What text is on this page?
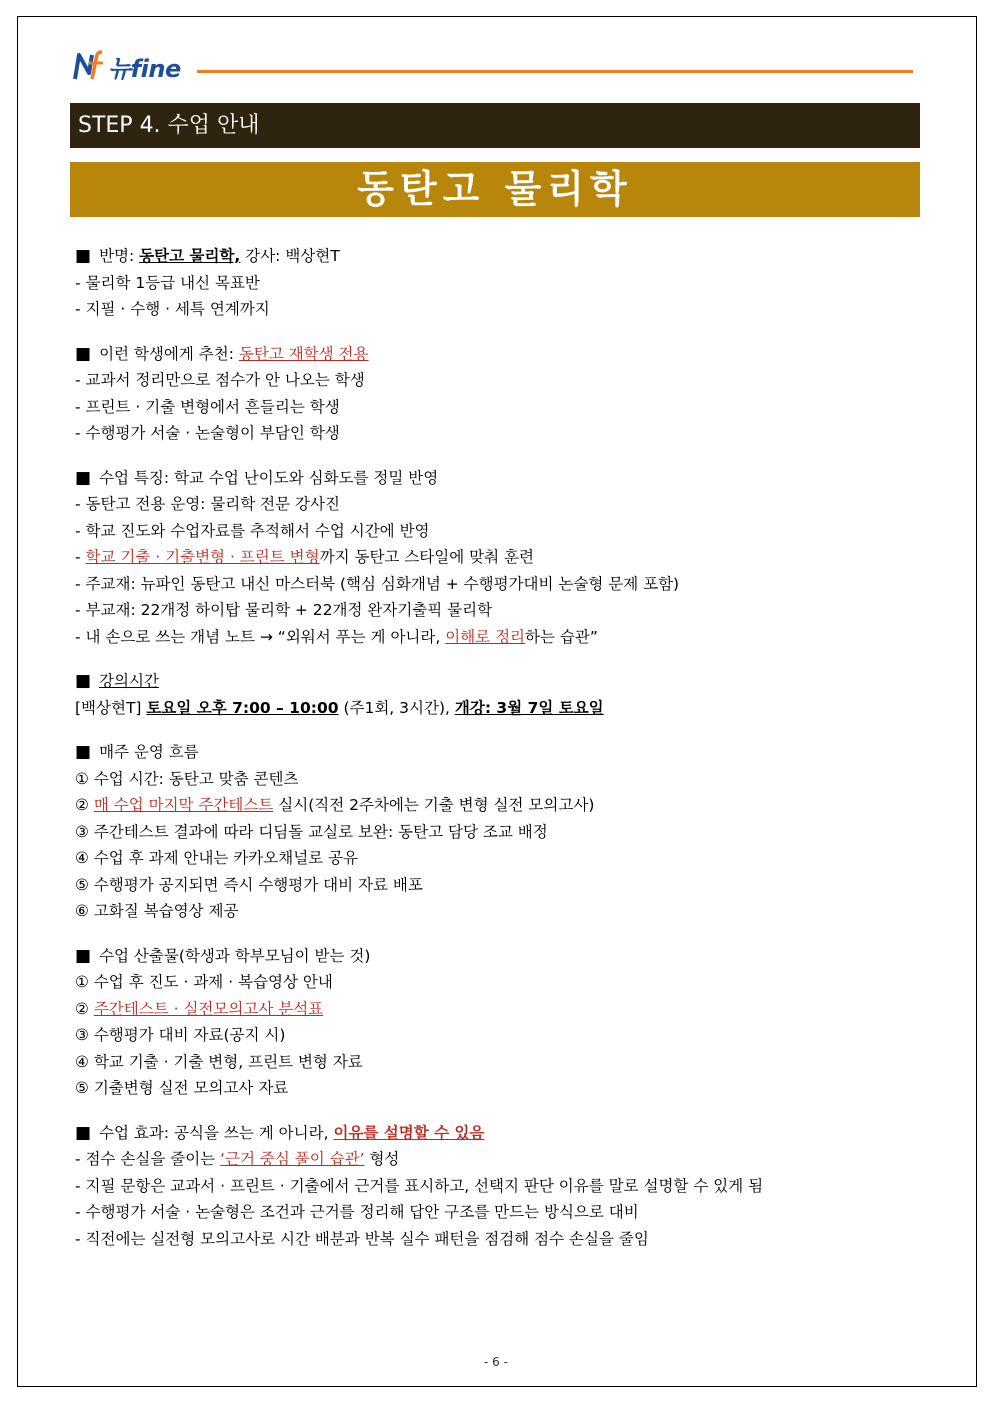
뉴fine
STEP 4. 수업 안내
동탄고 물리학
■ 반명: 동탄고 물리학, 강사: 백상현T
- 물리학 1등급 내신 목표반
- 지필 · 수행 · 세특 연계까지
■ 이런 학생에게 추천: 동탄고 재학생 전용
- 교과서 정리만으로 점수가 안 나오는 학생
- 프린트 · 기출 변형에서 흔들리는 학생
- 수행평가 서술 · 논술형이 부담인 학생
■ 수업 특징: 학교 수업 난이도와 심화도를 정밀 반영
- 동탄고 전용 운영: 물리학 전문 강사진
- 학교 진도와 수업자료를 추적해서 수업 시간에 반영
- 학교 기출 · 기출변형 · 프린트 변형까지 동탄고 스타일에 맞춰 훈련
- 주교재: 뉴파인 동탄고 내신 마스터북 (핵심 심화개념 + 수행평가대비 논술형 문제 포함)
- 부교재: 22개정 하이탑 물리학 + 22개정 완자기출픽 물리학
- 내 손으로 쓰는 개념 노트 → “외워서 푸는 게 아니라, 이해로 정리하는 습관”
■ 강의시간
[백상현T] 토요일 오후 7:00 – 10:00 (주1회, 3시간), 개강: 3월 7일 토요일
■ 매주 운영 흐름
① 수업 시간: 동탄고 맞춤 콘텐츠
② 매 수업 마지막 주간테스트 실시(직전 2주차에는 기출 변형 실전 모의고사)
③ 주간테스트 결과에 따라 디딤돌 교실로 보완: 동탄고 담당 조교 배정
④ 수업 후 과제 안내는 카카오채널로 공유
⑤ 수행평가 공지되면 즉시 수행평가 대비 자료 배포
⑥ 고화질 복습영상 제공
■ 수업 산출물(학생과 학부모님이 받는 것)
① 수업 후 진도 · 과제 · 복습영상 안내
② 주간테스트 · 실전모의고사 분석표
③ 수행평가 대비 자료(공지 시)
④ 학교 기출 · 기출 변형, 프린트 변형 자료
⑤ 기출변형 실전 모의고사 자료
■ 수업 효과: 공식을 쓰는 게 아니라, 이유를 설명할 수 있음
- 점수 손실을 줄이는 ‘근거 중심 풀이 습관’ 형성
- 지필 문항은 교과서 · 프린트 · 기출에서 근거를 표시하고, 선택지 판단 이유를 말로 설명할 수 있게 됨
- 수행평가 서술 · 논술형은 조건과 근거를 정리해 답안 구조를 만드는 방식으로 대비
- 직전에는 실전형 모의고사로 시간 배분과 반복 실수 패턴을 점검해 점수 손실을 줄임
- 6 -
